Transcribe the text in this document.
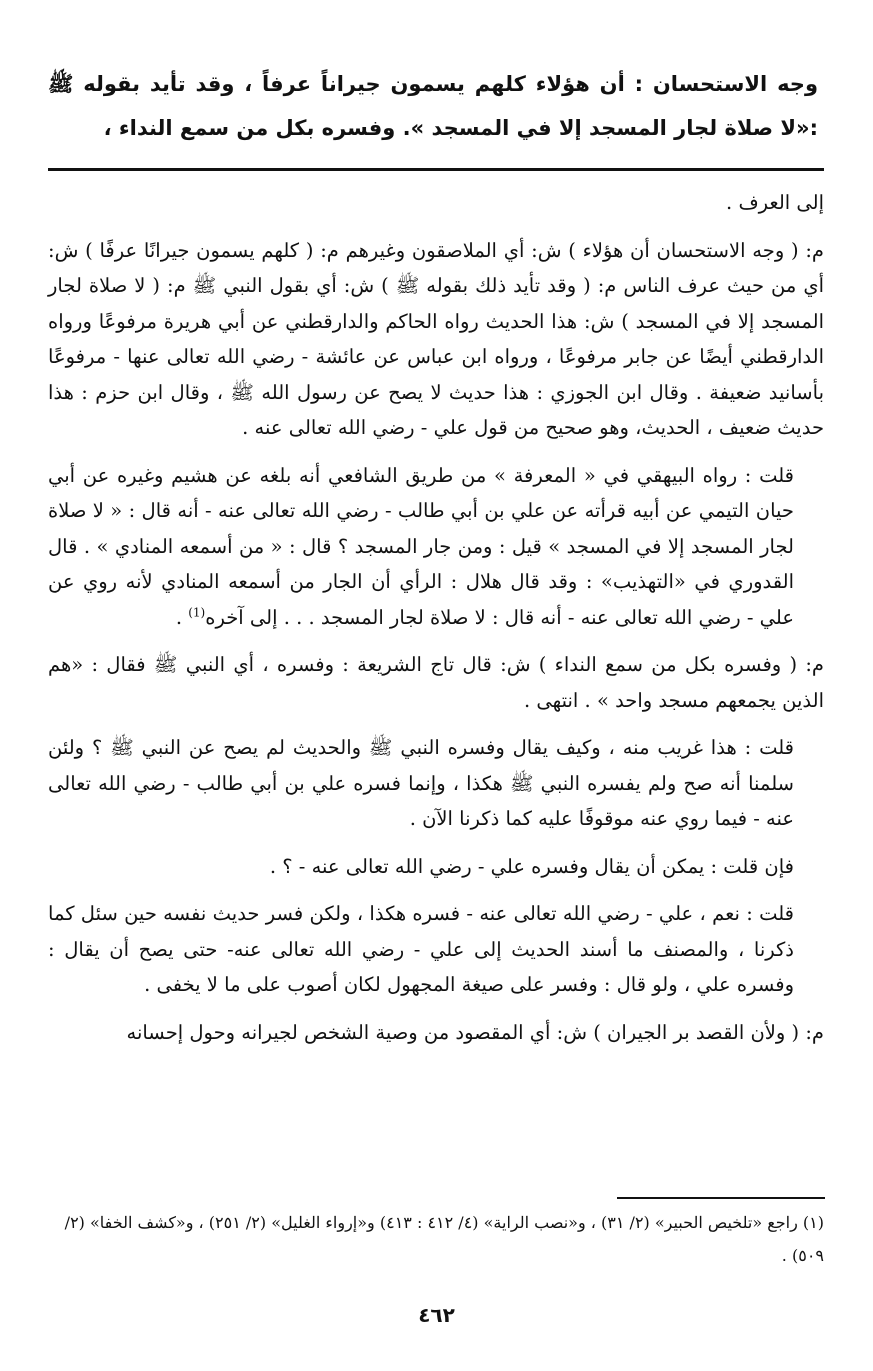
وجه الاستحسان : أن هؤلاء كلهم يسمون جيراناً عرفاً ، وقد تأيد بقوله ﷺ :«لا صلاة لجار المسجد إلا في المسجد ». وفسره بكل من سمع النداء ،

إلى العرف .

م: ( وجه الاستحسان أن هؤلاء ) ش: أي الملاصقون وغيرهم م: ( كلهم يسمون جيرانًا عرفًا ) ش: أي من حيث عرف الناس م: ( وقد تأيد ذلك بقوله ﷺ ) ش: أي بقول النبي ﷺ م: ( لا صلاة لجار المسجد إلا في المسجد ) ش: هذا الحديث رواه الحاكم والدارقطني عن أبي هريرة مرفوعًا ورواه الدارقطني أيضًا عن جابر مرفوعًا ، ورواه ابن عباس عن عائشة - رضي الله تعالى عنها - مرفوعًا بأسانيد ضعيفة . وقال ابن الجوزي : هذا حديث لا يصح عن رسول الله ﷺ ، وقال ابن حزم : هذا حديث ضعيف ، الحديث، وهو صحيح من قول علي - رضي الله تعالى عنه .

قلت : رواه البيهقي في « المعرفة » من طريق الشافعي أنه بلغه عن هشيم وغيره عن أبي حيان التيمي عن أبيه قرأته عن علي بن أبي طالب - رضي الله تعالى عنه - أنه قال : « لا صلاة لجار المسجد إلا في المسجد » قيل : ومن جار المسجد ؟ قال : « من أسمعه المنادي » . قال القدوري في «التهذيب» : وقد قال هلال : الرأي أن الجار من أسمعه المنادي لأنه روي عن علي - رضي الله تعالى عنه - أنه قال : لا صلاة لجار المسجد . . . إلى آخره$^{(1)}$ .

م: ( وفسره بكل من سمع النداء ) ش: قال تاج الشريعة : وفسره ، أي النبي ﷺ فقال : «هم الذين يجمعهم مسجد واحد » . انتهى .

قلت : هذا غريب منه ، وكيف يقال وفسره النبي ﷺ والحديث لم يصح عن النبي ﷺ ؟ ولئن سلمنا أنه صح ولم يفسره النبي ﷺ هكذا ، وإنما فسره علي بن أبي طالب - رضي الله تعالى عنه - فيما روي عنه موقوفًا عليه كما ذكرنا الآن .

فإن قلت : يمكن أن يقال وفسره علي - رضي الله تعالى عنه - ؟ .

قلت : نعم ، علي - رضي الله تعالى عنه - فسره هكذا ، ولكن فسر حديث نفسه حين سئل كما ذكرنا ، والمصنف ما أسند الحديث إلى علي - رضي الله تعالى عنه- حتى يصح أن يقال : وفسره علي ، ولو قال : وفسر على صيغة المجهول لكان أصوب على ما لا يخفى .

م: ( ولأن القصد بر الجيران ) ش: أي المقصود من وصية الشخص لجيرانه وحول إحسانه

(١) راجع «تلخيص الحبير» (٢/ ٣١) ، و«نصب الراية» (٤/ ٤١٢ : ٤١٣) و«إرواء الغليل» (٢/ ٢٥١) ، و«كشف الخفا» (٢/ ٥٠٩) .
٤٦٢
